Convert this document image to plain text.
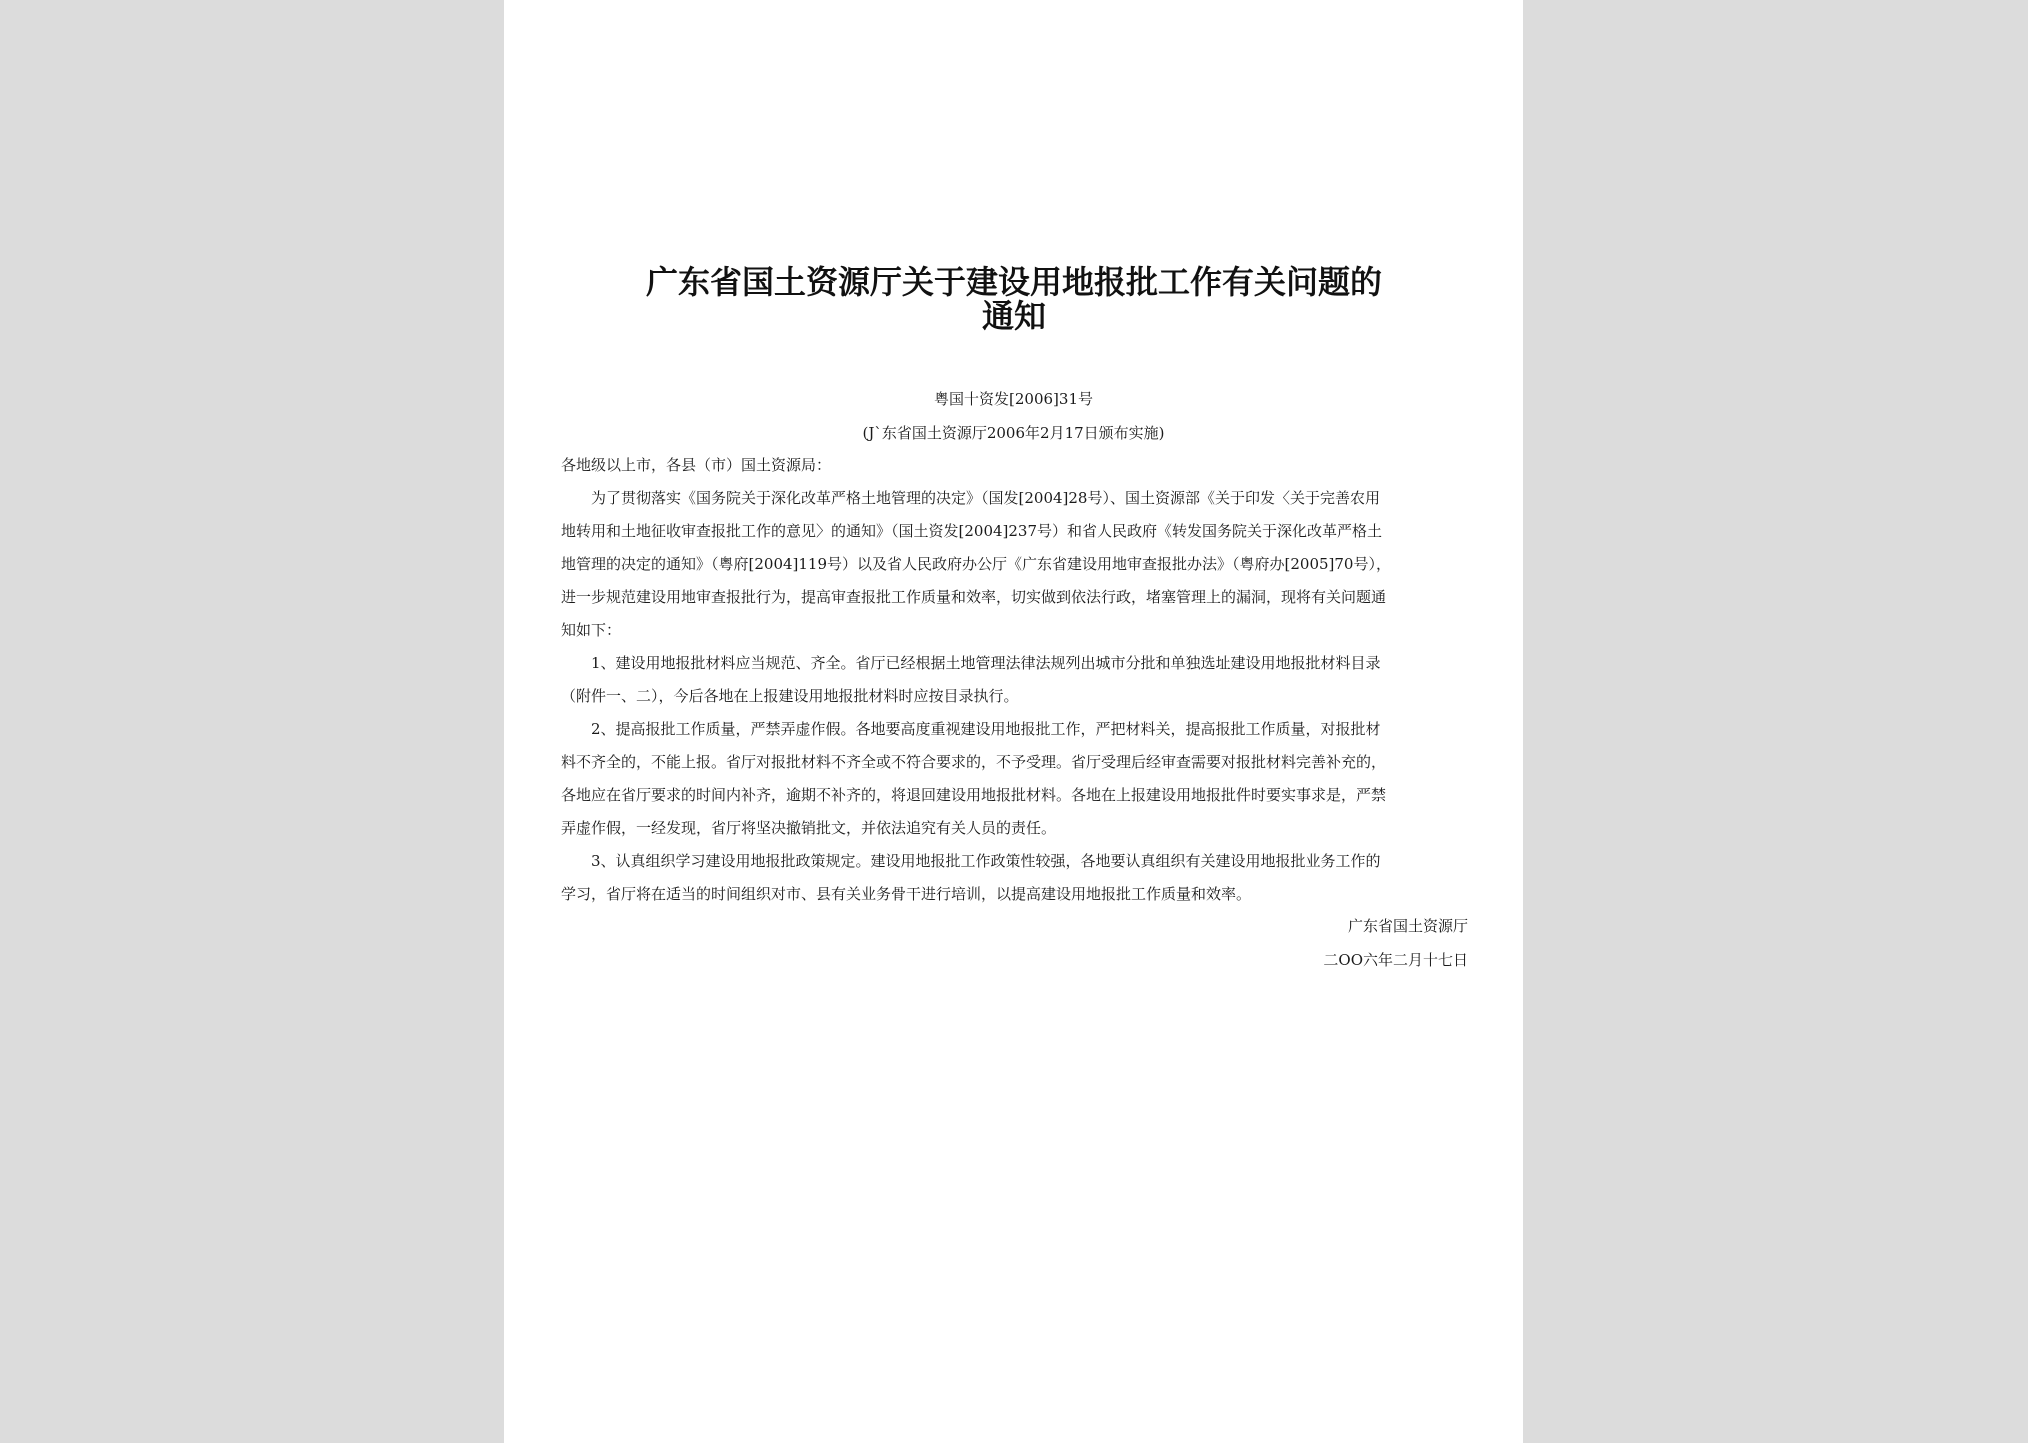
广东省国土资源厅关于建设用地报批工作有关问题的
通知
粤国十资发[2006]31号
(J`东省国土资源厅2006年2月17日颁布实施)
各地级以上市，各县（市）国土资源局：
　　为了贯彻落实《国务院关于深化改革严格土地管理的决定》（国发[2004]28号）、国土资源部《关于印发〈关于完善农用
地转用和土地征收审查报批工作的意见〉的通知》（国土资发[2004]237号）和省人民政府《转发国务院关于深化改革严格土
地管理的决定的通知》（粤府[2004]119号）以及省人民政府办公厅《广东省建设用地审查报批办法》（粤府办[2005]70号），
进一步规范建设用地审查报批行为，提高审查报批工作质量和效率，切实做到依法行政，堵塞管理上的漏洞，现将有关问题通
知如下：
　　1、建设用地报批材料应当规范、齐全。省厅已经根据土地管理法律法规列出城市分批和单独选址建设用地报批材料目录
（附件一、二），今后各地在上报建设用地报批材料时应按目录执行。
　　2、提高报批工作质量，严禁弄虚作假。各地要高度重视建设用地报批工作，严把材料关，提高报批工作质量，对报批材
料不齐全的，不能上报。省厅对报批材料不齐全或不符合要求的，不予受理。省厅受理后经审查需要对报批材料完善补充的，
各地应在省厅要求的时间内补齐，逾期不补齐的，将退回建设用地报批材料。各地在上报建设用地报批件时要实事求是，严禁
弄虚作假，一经发现，省厅将坚决撤销批文，并依法追究有关人员的责任。
　　3、认真组织学习建设用地报批政策规定。建设用地报批工作政策性较强，各地要认真组织有关建设用地报批业务工作的
学习，省厅将在适当的时间组织对市、县有关业务骨干进行培训，以提高建设用地报批工作质量和效率。
广东省国土资源厅
二OO六年二月十七日
